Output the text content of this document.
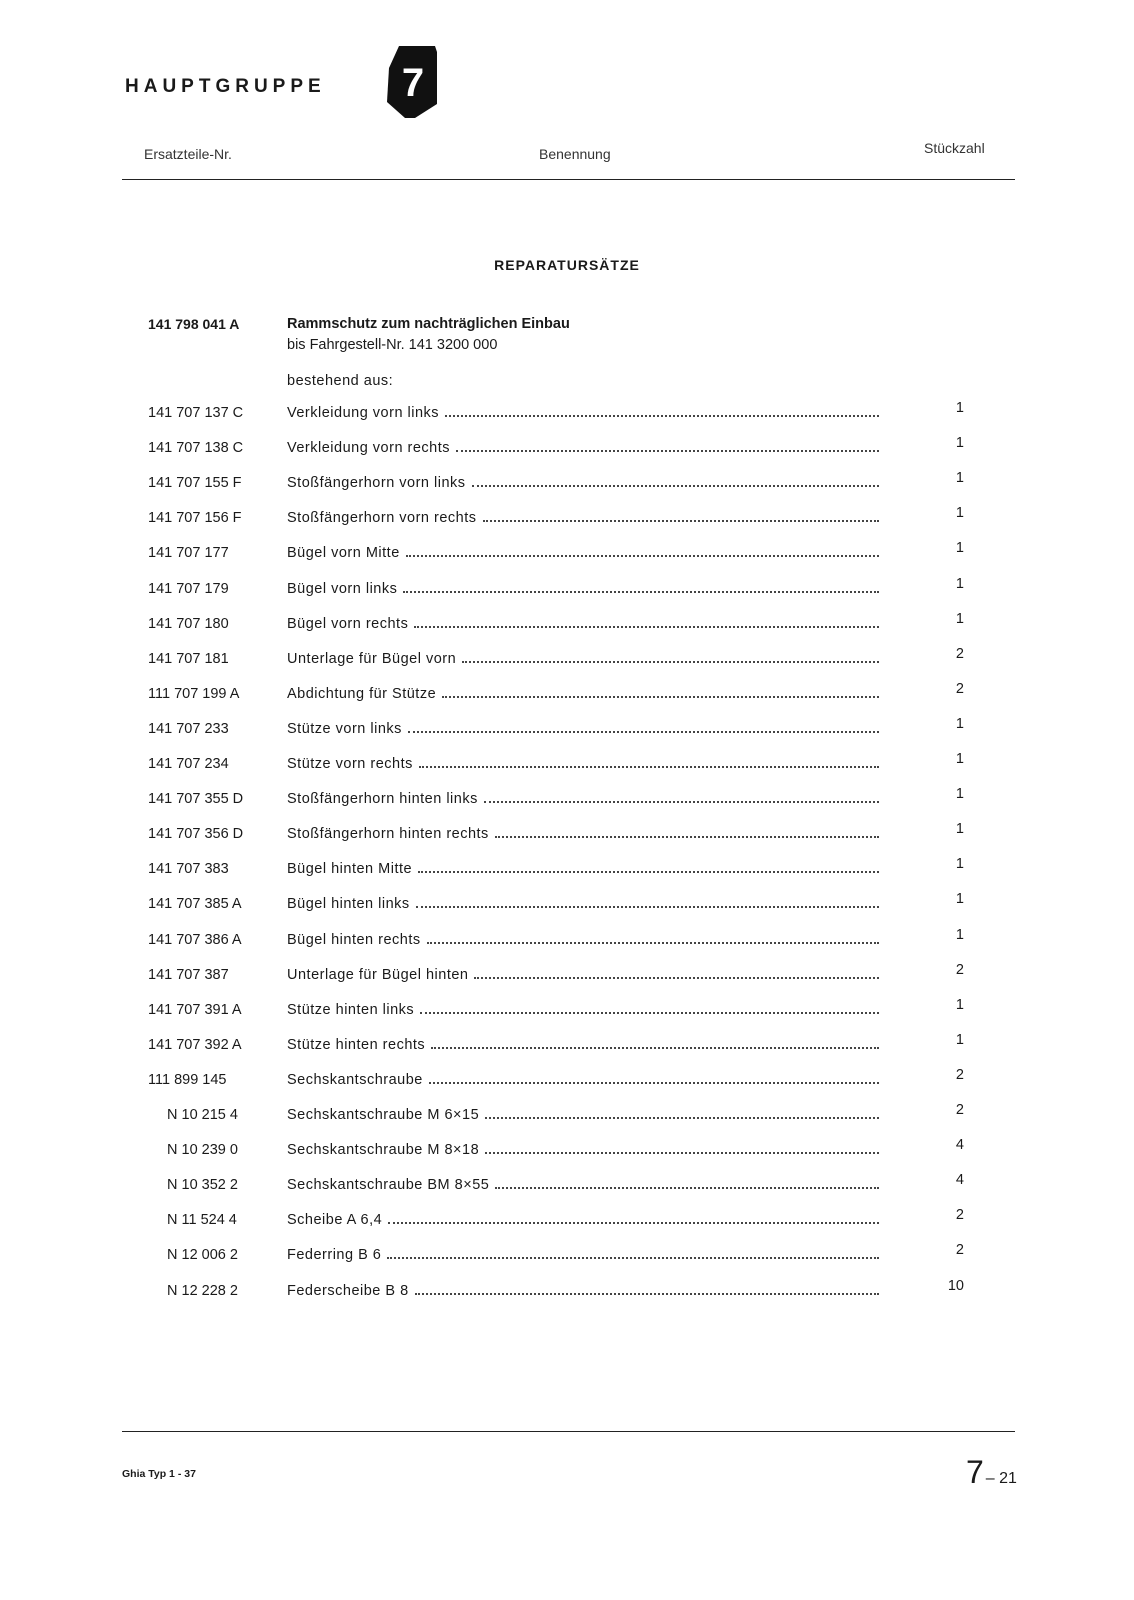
HAUPTGRUPPE 7
Ersatzteile-Nr.	Benennung	Stückzahl
REPARATURSÄTZE
141 798 041 A	Rammschutz zum nachträglichen Einbau
bis Fahrgestell-Nr. 141 3200 000
bestehend aus:
141 707 137 C	Verkleidung vorn links	1
141 707 138 C	Verkleidung vorn rechts	1
141 707 155 F	Stoßfängerhorn vorn links	1
141 707 156 F	Stoßfängerhorn vorn rechts	1
141 707 177	Bügel vorn Mitte	1
141 707 179	Bügel vorn links	1
141 707 180	Bügel vorn rechts	1
141 707 181	Unterlage für Bügel vorn	2
111 707 199 A	Abdichtung für Stütze	2
141 707 233	Stütze vorn links	1
141 707 234	Stütze vorn rechts	1
141 707 355 D	Stoßfängerhorn hinten links	1
141 707 356 D	Stoßfängerhorn hinten rechts	1
141 707 383	Bügel hinten Mitte	1
141 707 385 A	Bügel hinten links	1
141 707 386 A	Bügel hinten rechts	1
141 707 387	Unterlage für Bügel hinten	2
141 707 391 A	Stütze hinten links	1
141 707 392 A	Stütze hinten rechts	1
111 899 145	Sechskantschraube	2
N 10 215 4	Sechskantschraube M 6×15	2
N 10 239 0	Sechskantschraube M 8×18	4
N 10 352 2	Sechskantschraube BM 8×55	4
N 11 524 4	Scheibe A 6,4	2
N 12 006 2	Federring B 6	2
N 12 228 2	Federscheibe B 8	10
Ghia Typ 1 - 37	7 – 21
